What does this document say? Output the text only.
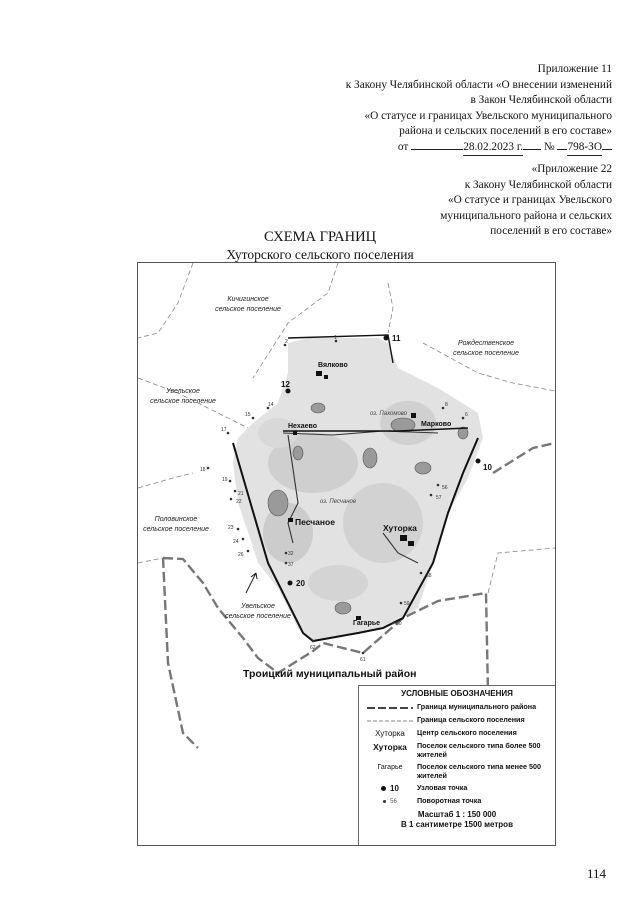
Приложение 11
к Закону Челябинской области «О внесении изменений
в Закон Челябинской области
«О статусе и границах Увельского муниципального
района и сельских поселений в его составе»
от	28.02.2023 г. № 798-ЗО
«Приложение 22
к Закону Челябинской области
«О статусе и границах Увельского
муниципального района и сельских
поселений в его составе»
СХЕМА ГРАНИЦ
Хуторского сельского поселения
Вялково
Нехаево	Марково
Гагарье
Хуторка
Песчаное
оз. Пахомово
оз. Песчаное
Кичигинское
сельское поселение
Рождественское
сельское поселение
Увельское
сельское поселение
Половинское
сельское поселение
Увельское
сельское поселение
11
12
10
20
2
1
14
15
17
18
19
21
22
23
24
26	32
37
8
6
56
57
58
59
60
62
61
Троицкий муниципальный район
УСЛОВНЫЕ ОБОЗНАЧЕНИЯ
Граница муниципального района
Граница сельского поселения
Хуторка	Центр сельского поселения
Хуторка	Поселок сельского типа более 500 жителей
Гагарье	Поселок сельского типа менее 500 жителей
10	Узловая точка
56	Поворотная точка
Масштаб 1 : 150 000
В 1 сантиметре 1500 метров
114
